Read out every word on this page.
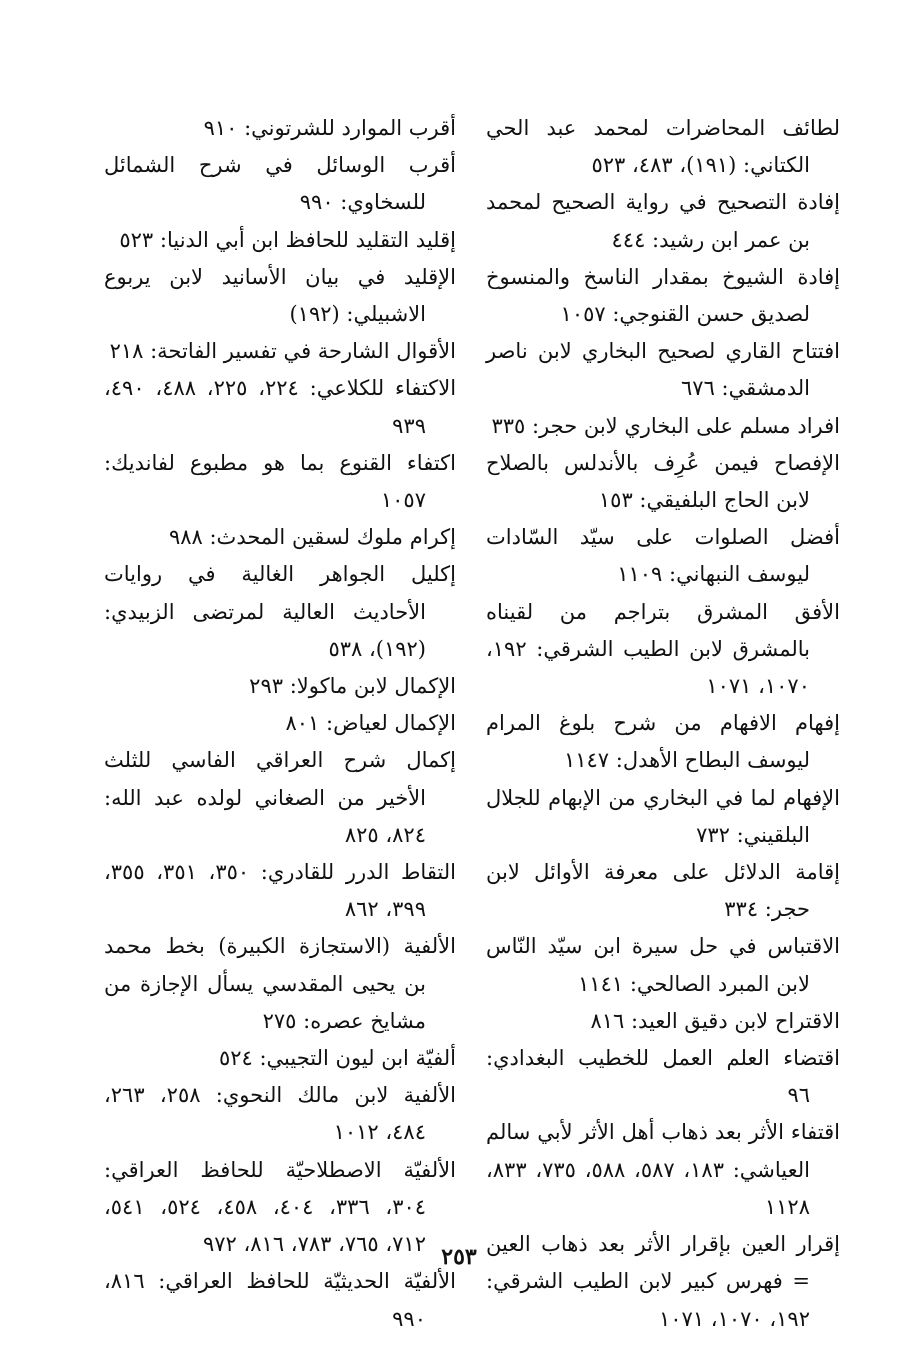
لطائف المحاضرات لمحمد عبد الحي الكتاني: (١٩١)، ٤٨٣، ٥٢٣

إفادة التصحيح في رواية الصحيح لمحمد بن عمر ابن رشيد: ٤٤٤

إفادة الشيوخ بمقدار الناسخ والمنسوخ لصديق حسن القنوجي: ١٠٥٧

افتتاح القاري لصحيح البخاري لابن ناصر الدمشقي: ٦٧٦

افراد مسلم على البخاري لابن حجر: ٣٣٥

الإفصاح فيمن عُرِف بالأندلس بالصلاح لابن الحاج البلفيقي: ١٥٣

أفضل الصلوات على سيّد السّادات ليوسف النبهاني: ١١٠٩

الأفق المشرق بتراجم من لقيناه بالمشرق لابن الطيب الشرقي: ١٩٢، ١٠٧٠، ١٠٧١

إفهام الافهام من شرح بلوغ المرام ليوسف البطاح الأهدل: ١١٤٧

الإفهام لما في البخاري من الإبهام للجلال البلقيني: ٧٣٢

إقامة الدلائل على معرفة الأوائل لابن حجر: ٣٣٤

الاقتباس في حل سيرة ابن سيّد النّاس لابن المبرد الصالحي: ١١٤١

الاقتراح لابن دقيق العيد: ٨١٦

اقتضاء العلم العمل للخطيب البغدادي: ٩٦

اقتفاء الأثر بعد ذهاب أهل الأثر لأبي سالم العياشي: ١٨٣، ٥٨٧، ٥٨٨، ٧٣٥، ٨٣٣، ١١٢٨

إقرار العين بإقرار الأثر بعد ذهاب العين = فهرس كبير لابن الطيب الشرقي: ١٩٢، ١٠٧٠، ١٠٧١

أقرب الموارد للشرتوني: ٩١٠

أقرب الوسائل في شرح الشمائل للسخاوي: ٩٩٠

إقليد التقليد للحافظ ابن أبي الدنيا: ٥٢٣

الإقليد في بيان الأسانيد لابن يربوع الاشبيلي: (١٩٢)

الأقوال الشارحة في تفسير الفاتحة: ٢١٨

الاكتفاء للكلاعي: ٢٢٤، ٢٢٥، ٤٨٨، ٤٩٠، ٩٣٩

اكتفاء القنوع بما هو مطبوع لفانديك: ١٠٥٧

إكرام ملوك لسقين المحدث: ٩٨٨

إكليل الجواهر الغالية في روايات الأحاديث العالية لمرتضى الزبيدي: (١٩٢)، ٥٣٨

الإكمال لابن ماكولا: ٢٩٣

الإكمال لعياض: ٨٠١

إكمال شرح العراقي الفاسي للثلث الأخير من الصغاني لولده عبد الله: ٨٢٤، ٨٢٥

التقاط الدرر للقادري: ٣٥٠، ٣٥١، ٣٥٥، ٣٩٩، ٨٦٢

الألفية (الاستجازة الكبيرة) بخط محمد بن يحيى المقدسي يسأل الإجازة من مشايخ عصره: ٢٧٥

ألفيّة ابن ليون التجيبي: ٥٢٤

الألفية لابن مالك النحوي: ٢٥٨، ٢٦٣، ٤٨٤، ١٠١٢

الألفيّة الاصطلاحيّة للحافظ العراقي: ٣٠٤، ٣٣٦، ٤٠٤، ٤٥٨، ٥٢٤، ٥٤١، ٧١٢، ٧٦٥، ٧٨٣، ٨١٦، ٩٧٢

الألفيّة الحديثيّة للحافظ العراقي: ٨١٦، ٩٩٠

٢٥٣
